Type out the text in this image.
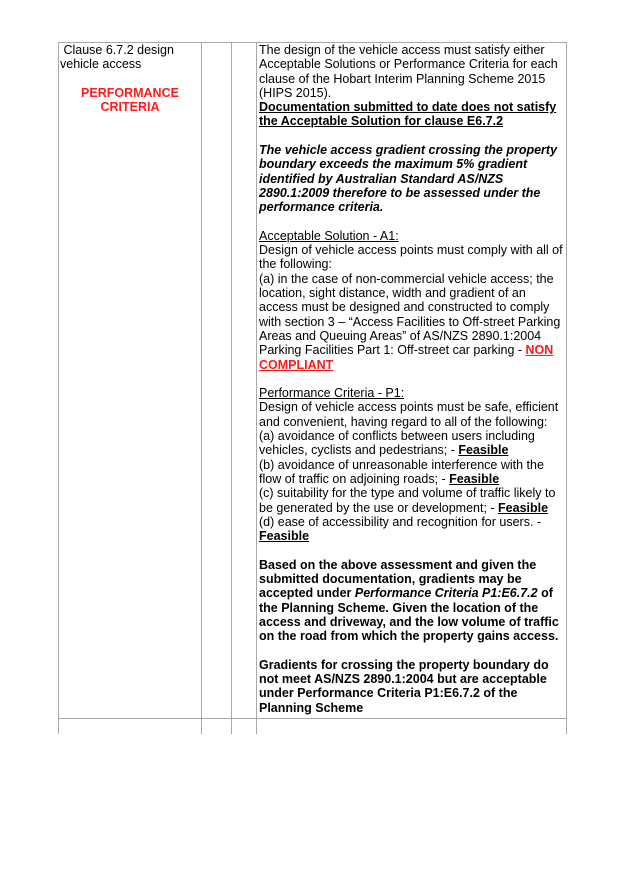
Clause 6.7.2 design
vehicle access
PERFORMANCE
CRITERIA

The design of the vehicle access must satisfy either Acceptable Solutions or Performance Criteria for each clause of the Hobart Interim Planning Scheme 2015 (HIPS 2015).

Documentation submitted to date does not satisfy the Acceptable Solution for clause E6.7.2

The vehicle access gradient crossing the property boundary exceeds the maximum 5% gradient identified by Australian Standard AS/NZS 2890.1:2009 therefore to be assessed under the performance criteria.

Acceptable Solution - A1:

Design of vehicle access points must comply with all of the following:

(a) in the case of non-commercial vehicle access; the location, sight distance, width and gradient of an access must be designed and constructed to comply with section 3 – “Access Facilities to Off-street Parking Areas and Queuing Areas” of AS/NZS 2890.1:2004 Parking Facilities Part 1: Off-street car parking - NON COMPLIANT

Performance Criteria - P1:

Design of vehicle access points must be safe, efficient and convenient, having regard to all of the following:

(a) avoidance of conflicts between users including vehicles, cyclists and pedestrians; - Feasible

(b) avoidance of unreasonable interference with the flow of traffic on adjoining roads; - Feasible

(c) suitability for the type and volume of traffic likely to be generated by the use or development; - Feasible

(d) ease of accessibility and recognition for users. - Feasible

Based on the above assessment and given the submitted documentation, gradients may be accepted under Performance Criteria P1:E6.7.2 of the Planning Scheme. Given the location of the access and driveway, and the low volume of traffic on the road from which the property gains access.

Gradients for crossing the property boundary do not meet AS/NZS 2890.1:2004 but are acceptable under Performance Criteria P1:E6.7.2 of the Planning Scheme
